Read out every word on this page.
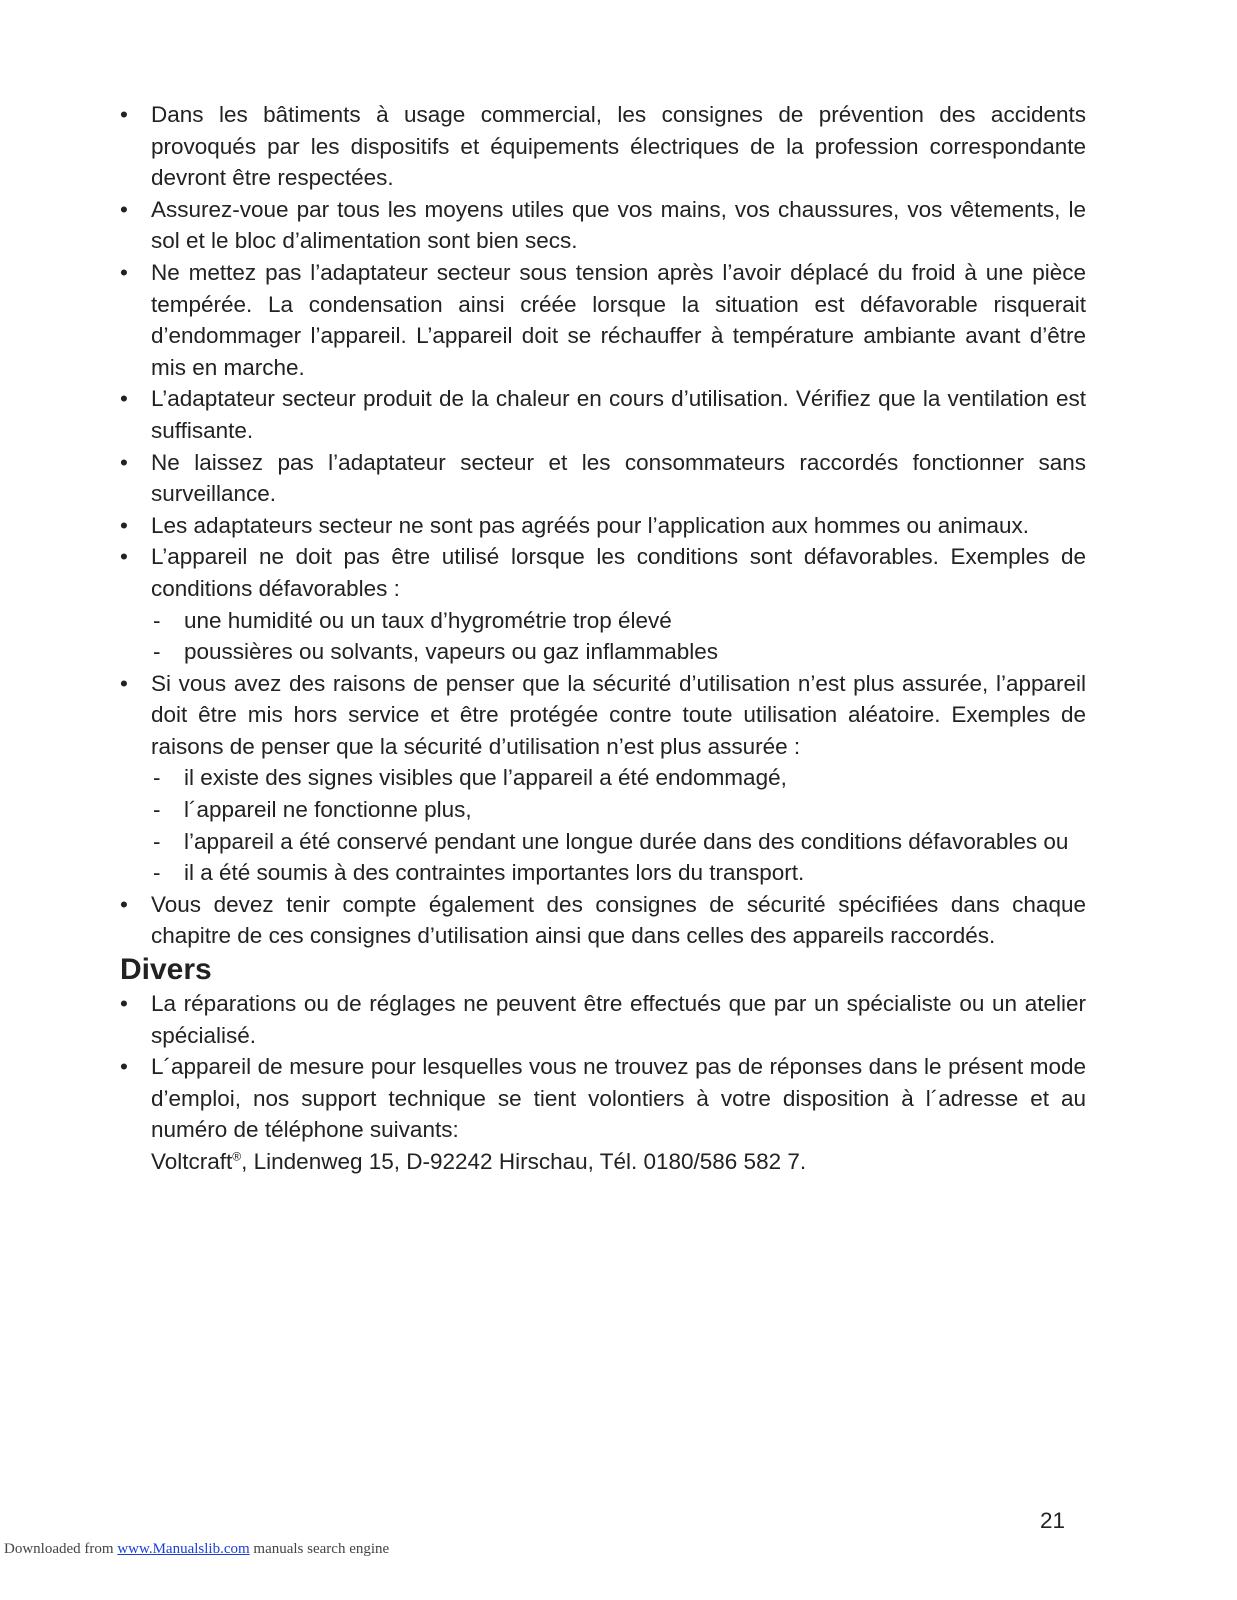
• Dans les bâtiments à usage commercial, les consignes de prévention des accidents provoqués par les dispositifs et équipements électriques de la profession correspondante devront être respectées.
• Assurez-voue par tous les moyens utiles que vos mains, vos chaussures, vos vêtements, le sol et le bloc d’alimentation sont bien secs.
• Ne mettez pas l’adaptateur secteur sous tension après l’avoir déplacé du froid à une pièce tempérée. La condensation ainsi créée lorsque la situation est défavorable risquerait d’endommager l’appareil. L’appareil doit se réchauffer à température ambiante avant d’être mis en marche.
• L’adaptateur secteur produit de la chaleur en cours d’utilisation. Vérifiez que la ventilation est suffisante.
• Ne laissez pas l’adaptateur secteur et les consommateurs raccordés fonctionner sans surveillance.
• Les adaptateurs secteur ne sont pas agréés pour l’application aux hommes ou animaux.
• L’appareil ne doit pas être utilisé lorsque les conditions sont défavorables. Exemples de conditions défavorables :
- une humidité ou un taux d’hygrométrie trop élevé
- poussières ou solvants, vapeurs ou gaz inflammables
• Si vous avez des raisons de penser que la sécurité d’utilisation n’est plus assurée, l’appareil doit être mis hors service et être protégée contre toute utilisation aléatoire. Exemples de raisons de penser que la sécurité d’utilisation n’est plus assurée :
- il existe des signes visibles que l’appareil a été endommagé,
- l´appareil ne fonctionne plus,
- l’appareil a été conservé pendant une longue durée dans des conditions défavorables ou
- il a été soumis à des contraintes importantes lors du transport.
• Vous devez tenir compte également des consignes de sécurité spécifiées dans chaque chapitre de ces consignes d’utilisation ainsi que dans celles des appareils raccordés.
Divers
• La réparations ou de réglages ne peuvent être effectués que par un spécialiste ou un atelier spécialisé.
• L´appareil de mesure pour lesquelles vous ne trouvez pas de réponses dans le présent mode d’emploi, nos support technique se tient volontiers à votre disposition à l´adresse et au numéro de téléphone suivants:
Voltcraft®, Lindenweg 15, D-92242 Hirschau, Tél. 0180/586 582 7.
21
Downloaded from www.Manualslib.com manuals search engine
